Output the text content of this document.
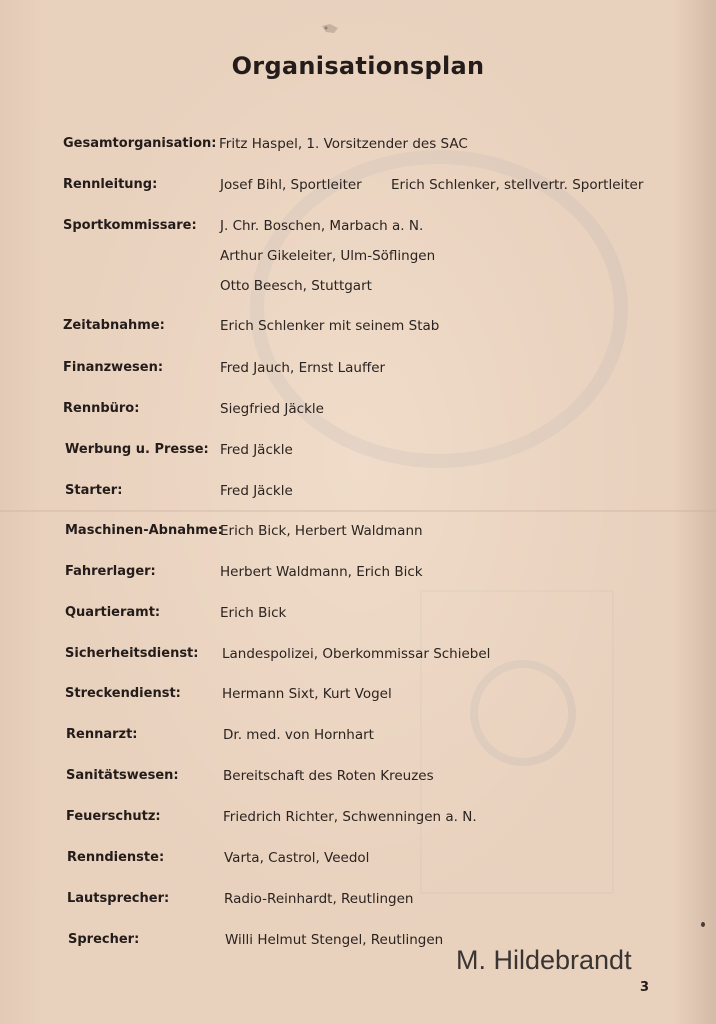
Organisationsplan
Gesamtorganisation: Fritz Haspel, 1. Vorsitzender des SAC
Rennleitung:	Josef Bihl, Sportleiter Erich Schlenker, stellvertr. Sportleiter
Sportkommissare: J. Chr. Boschen, Marbach a. N.
Arthur Gikeleiter, Ulm-Söflingen
Otto Beesch, Stuttgart
Zeitabnahme:	Erich Schlenker mit seinem Stab
Finanzwesen:	Fred Jauch, Ernst Lauffer
Rennbüro:	Siegfried Jäckle
Werbung u. Presse: Fred Jäckle
Starter:	Fred Jäckle
Maschinen-Abnahme:
Erich Bick, Herbert Waldmann
Fahrerlager:	Herbert Waldmann, Erich Bick
Quartieramt:	Erich Bick
Sicherheitsdienst: Landespolizei, Oberkommissar Schiebel
Streckendienst:	Hermann Sixt, Kurt Vogel
Rennarzt:	Dr. med. von Hornhart
Sanitätswesen:	Bereitschaft des Roten Kreuzes
Feuerschutz:	Friedrich Richter, Schwenningen a. N.
Renndienste:	Varta, Castrol, Veedol
Lautsprecher:	Radio-Reinhardt, Reutlingen
Sprecher:	Willi Helmut Stengel, Reutlingen
M. Hildebrandt
3
